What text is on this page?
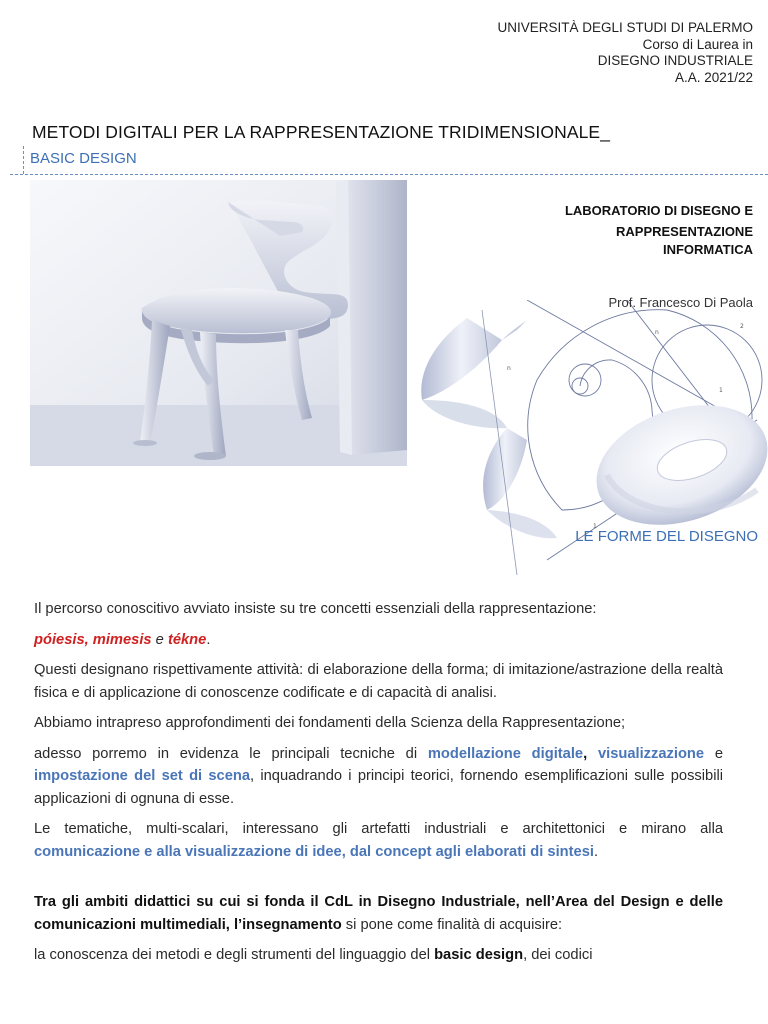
UNIVERSITÀ DEGLI STUDI DI PALERMO
Corso di Laurea in
DISEGNO INDUSTRIALE
A.A. 2021/22
METODI DIGITALI PER LA RAPPRESENTAZIONE TRIDIMENSIONALE_
BASIC DESIGN
2
1
1
n
n
LABORATORIO DI DISEGNO E
RAPPRESENTAZIONE
INFORMATICA
Prof. Francesco Di Paola
LE FORME DEL DISEGNO

Il percorso conoscitivo avviato insiste su tre concetti essenziali della rappresentazione:

póiesis, mimesis e tékne.

Questi designano rispettivamente attività: di elaborazione della forma; di imitazione/astrazione della realtà fisica e di applicazione di conoscenze codificate e di capacità di analisi.

Abbiamo intrapreso approfondimenti dei fondamenti della Scienza della Rappresentazione;

adesso porremo in evidenza le principali tecniche di modellazione digitale, visualizzazione e impostazione del set di scena, inquadrando i principi teorici, fornendo esemplificazioni sulle possibili applicazioni di ognuna di esse.

Le tematiche, multi-scalari, interessano gli artefatti industriali e architettonici e mirano alla comunicazione e alla visualizzazione di idee, dal concept agli elaborati di sintesi.

Tra gli ambiti didattici su cui si fonda il CdL in Disegno Industriale, nell’Area del Design e delle comunicazioni multimediali, l’insegnamento si pone come finalità di acquisire:

la conoscenza dei metodi e degli strumenti del linguaggio del basic design, dei codici
